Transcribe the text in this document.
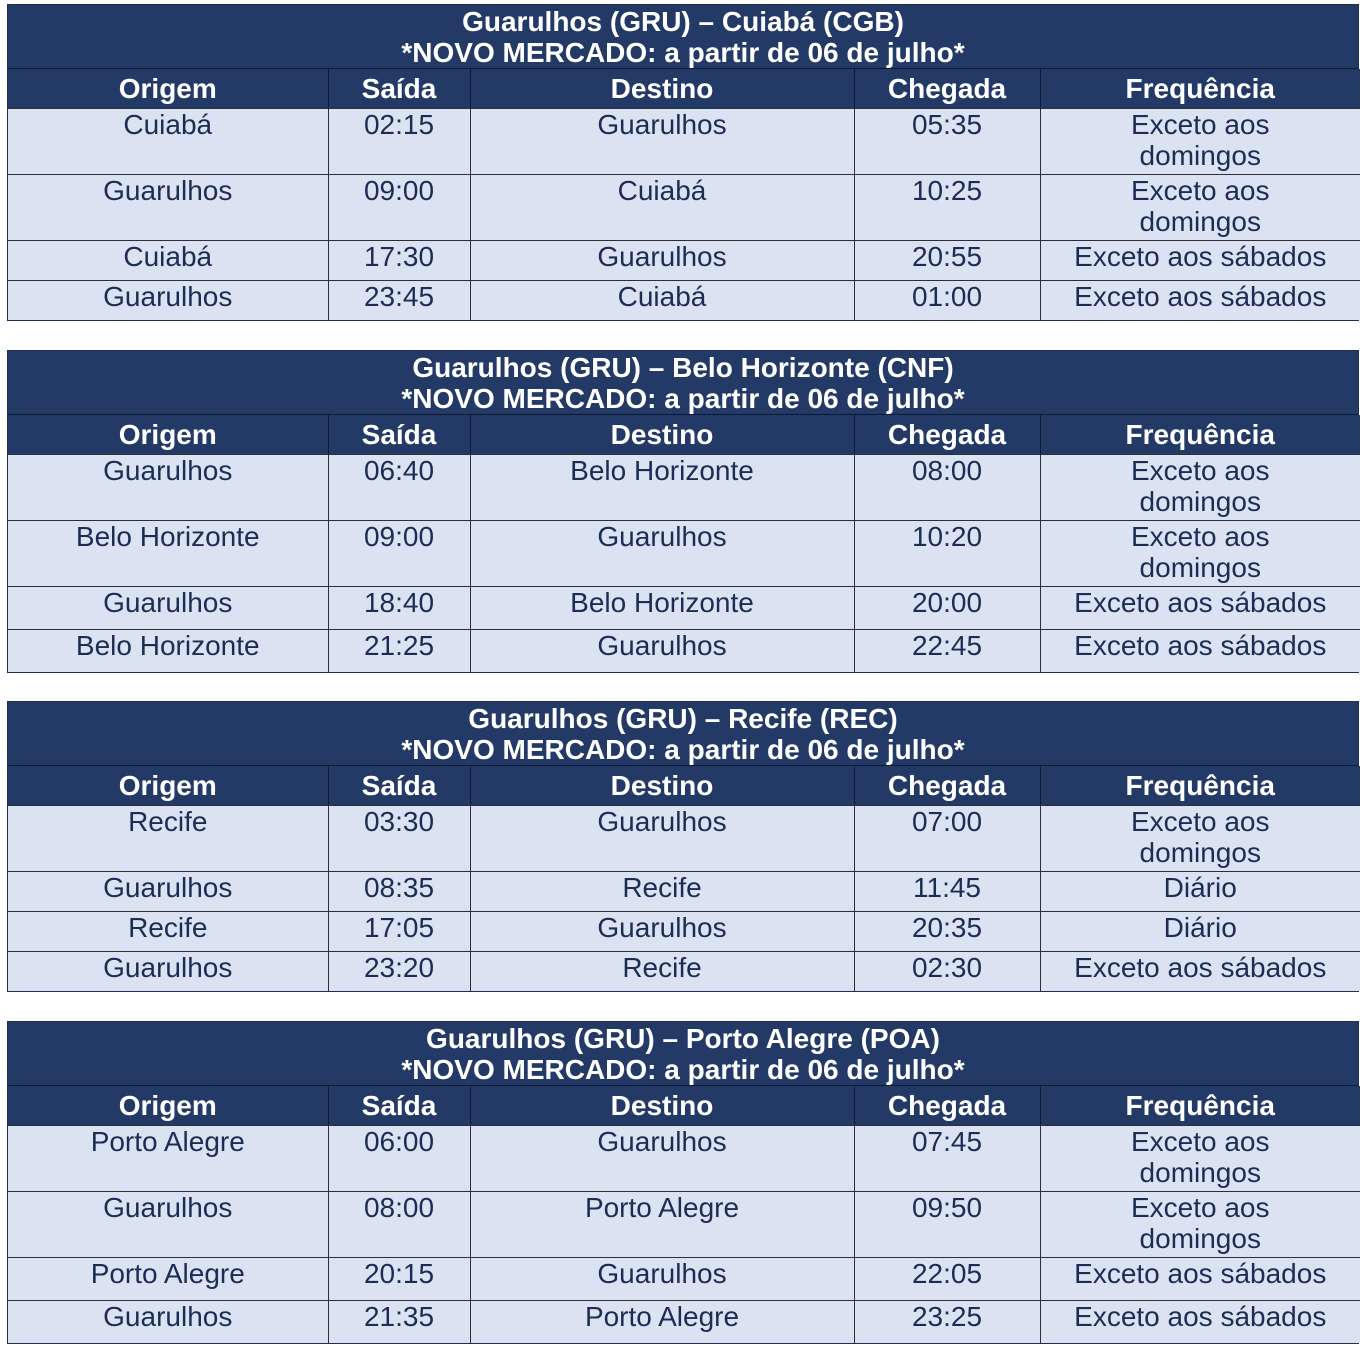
Guarulhos (GRU) – Cuiabá (CGB)
*NOVO MERCADO: a partir de 06 de julho*
Origem	Saída	Destino	Chegada	Frequência
Cuiabá	02:15	Guarulhos	05:35	Exceto aos
domingos

Guarulhos	09:00	Cuiabá	10:25	Exceto aos
domingos

Cuiabá	17:30	Guarulhos	20:55	Exceto aos sábados
Guarulhos	23:45	Cuiabá	01:00	Exceto aos sábados
Guarulhos (GRU) – Belo Horizonte (CNF)
*NOVO MERCADO: a partir de 06 de julho*
Origem	Saída	Destino	Chegada	Frequência
Guarulhos	06:40	Belo Horizonte	08:00	Exceto aos
domingos

Belo Horizonte	09:00	Guarulhos	10:20	Exceto aos
domingos

Guarulhos	18:40	Belo Horizonte	20:00	Exceto aos sábados
Belo Horizonte	21:25	Guarulhos	22:45	Exceto aos sábados
Guarulhos (GRU) – Recife (REC)
*NOVO MERCADO: a partir de 06 de julho*
Origem	Saída	Destino	Chegada	Frequência
Recife	03:30	Guarulhos	07:00	Exceto aos
domingos

Guarulhos	08:35	Recife	11:45	Diário
Recife	17:05	Guarulhos	20:35	Diário
Guarulhos	23:20	Recife	02:30	Exceto aos sábados
Guarulhos (GRU) – Porto Alegre (POA)
*NOVO MERCADO: a partir de 06 de julho*
Origem	Saída	Destino	Chegada	Frequência
Porto Alegre	06:00	Guarulhos	07:45	Exceto aos
domingos

Guarulhos	08:00	Porto Alegre	09:50	Exceto aos
domingos

Porto Alegre	20:15	Guarulhos	22:05	Exceto aos sábados
Guarulhos	21:35	Porto Alegre	23:25	Exceto aos sábados
